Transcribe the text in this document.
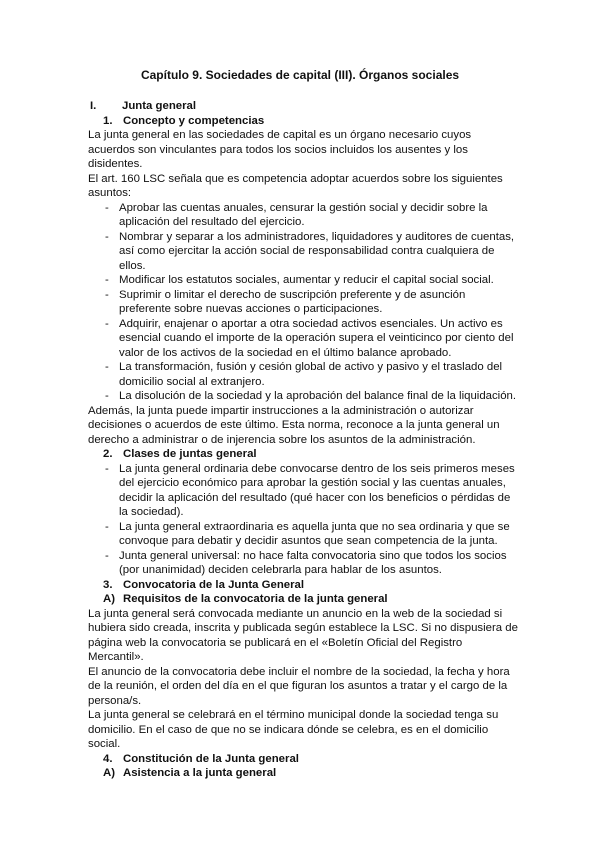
Capítulo 9. Sociedades de capital (III). Órganos sociales
I.	Junta general
1. Concepto y competencias

La junta general en las sociedades de capital es un órgano necesario cuyos acuerdos son vinculantes para todos los socios incluidos los ausentes y los disidentes.

El art. 160 LSC señala que es competencia adoptar acuerdos sobre los siguientes asuntos:

- Aprobar las cuentas anuales, censurar la gestión social y decidir sobre la aplicación del resultado del ejercicio.
- Nombrar y separar a los administradores, liquidadores y auditores de cuentas, así como ejercitar la acción social de responsabilidad contra cualquiera de ellos.
- Modificar los estatutos sociales, aumentar y reducir el capital social social.
- Suprimir o limitar el derecho de suscripción preferente y de asunción preferente sobre nuevas acciones o participaciones.
- Adquirir, enajenar o aportar a otra sociedad activos esenciales. Un activo es esencial cuando el importe de la operación supera el veinticinco por ciento del valor de los activos de la sociedad en el último balance aprobado.
- La transformación, fusión y cesión global de activo y pasivo y el traslado del domicilio social al extranjero.
- La disolución de la sociedad y la aprobación del balance final de la liquidación.

Además, la junta puede impartir instrucciones a la administración o autorizar decisiones o acuerdos de este último. Esta norma, reconoce a la junta general un derecho a administrar o de injerencia sobre los asuntos de la administración.

2. Clases de juntas general
- La junta general ordinaria debe convocarse dentro de los seis primeros meses del ejercicio económico para aprobar la gestión social y las cuentas anuales, decidir la aplicación del resultado (qué hacer con los beneficios o pérdidas de la sociedad).
- La junta general extraordinaria es aquella junta que no sea ordinaria y que se convoque para debatir y decidir asuntos que sean competencia de la junta.
- Junta general universal: no hace falta convocatoria sino que todos los socios (por unanimidad) deciden celebrarla para hablar de los asuntos.
3. Convocatoria de la Junta General
A) Requisitos de la convocatoria de la junta general

La junta general será convocada mediante un anuncio en la web de la sociedad si hubiera sido creada, inscrita y publicada según establece la LSC. Si no dispusiera de página web la convocatoria se publicará en el «Boletín Oficial del Registro Mercantil».

El anuncio de la convocatoria debe incluir el nombre de la sociedad, la fecha y hora de la reunión, el orden del día en el que figuran los asuntos a tratar y el cargo de la persona/s.

La junta general se celebrará en el término municipal donde la sociedad tenga su domicilio. En el caso de que no se indicara dónde se celebra, es en el domicilio social.

4. Constitución de la Junta general
A) Asistencia a la junta general
